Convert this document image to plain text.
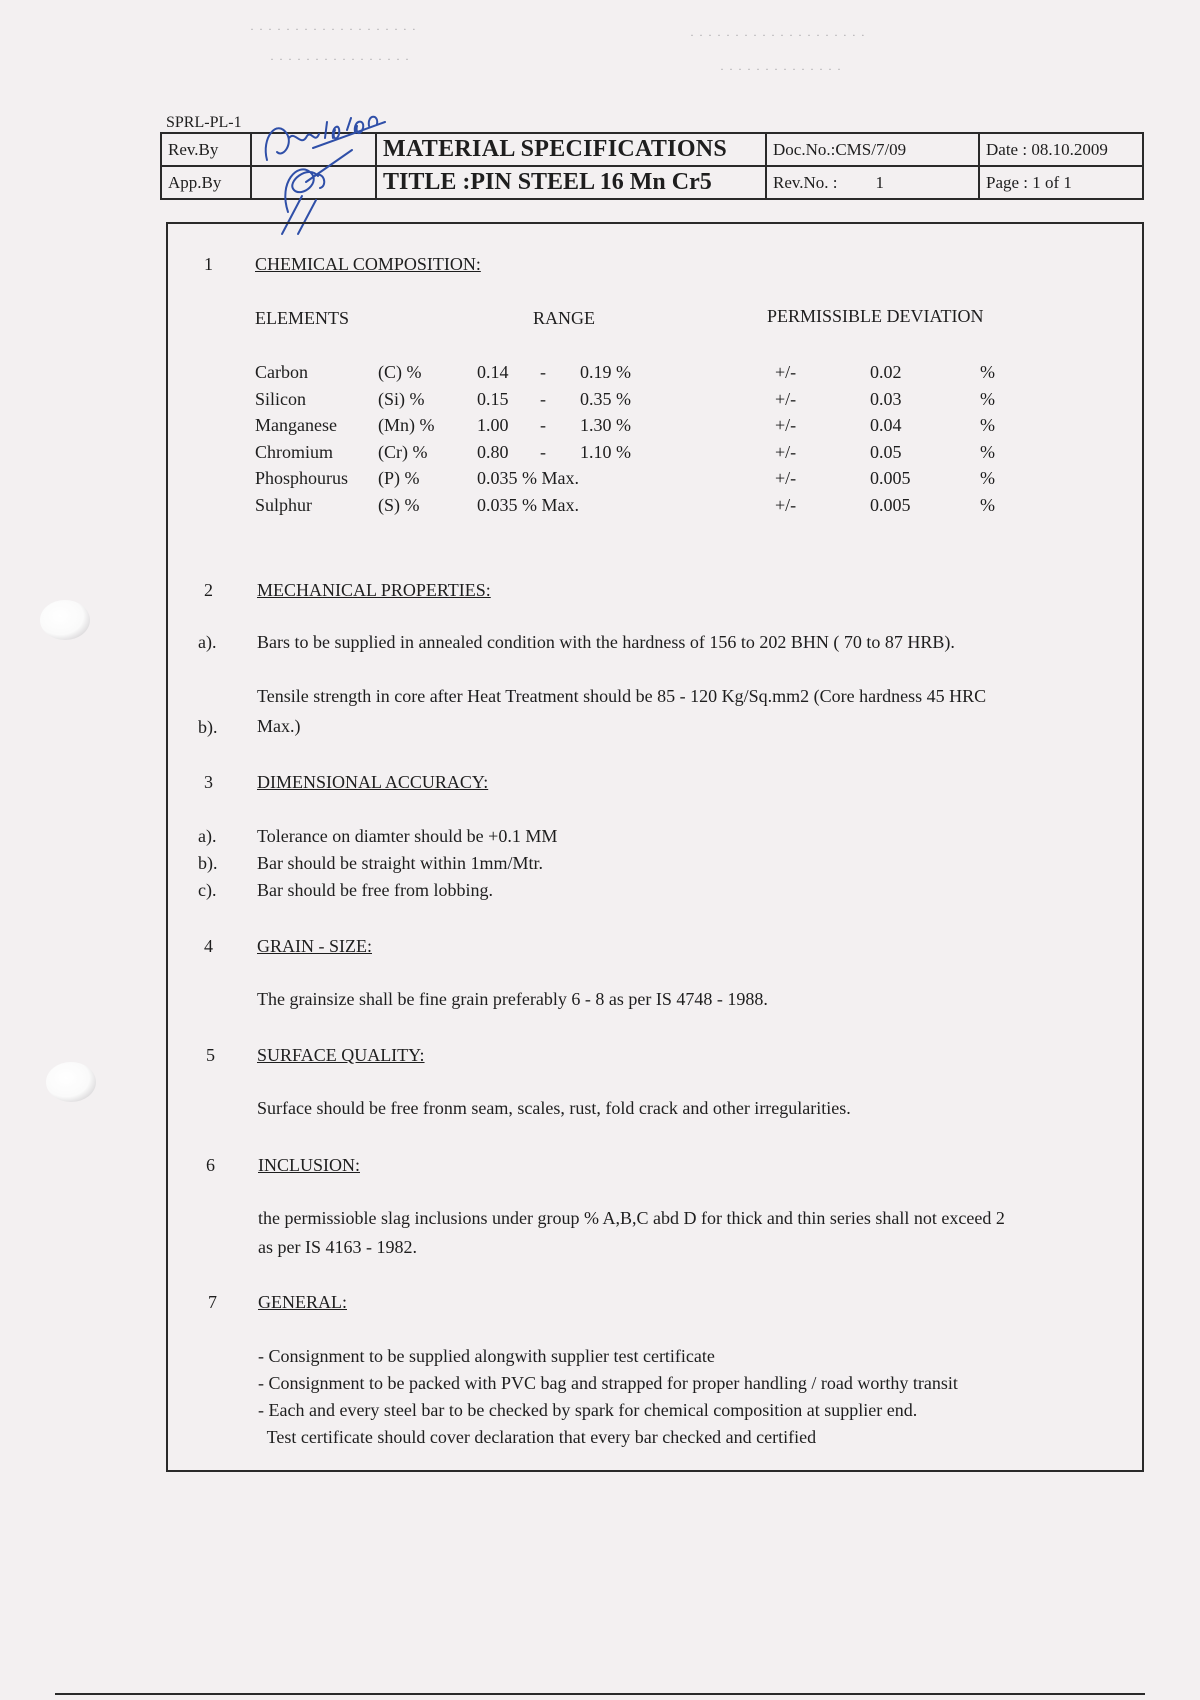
· · · · · · · · · · · · · · · · · · ·
· · · · · · · · · · · · · · · ·
· · · · · · · · · · · · · · · · · · · ·
· · · · · · · · · · · · · ·
SPRL-PL-1
Rev.By		MATERIAL SPECIFICATIONS	Doc.No.:CMS/7/09	Date : 08.10.2009
App.By		TITLE :PIN STEEL 16 Mn Cr5	Rev.No. : 1	Page : 1 of 1
1 CHEMICAL COMPOSITION:
ELEMENTS	RANGE	PERMISSIBLE DEVIATION
Carbon	(C) %	0.14 - 0.19 %	+/-	0.02	%
Silicon	(Si) %	0.15 - 0.35 %	+/-	0.03	%
Manganese (Mn) % 1.00 - 1.30 %	+/-	0.04	%
Chromium (Cr) %	0.80 - 1.10 %	+/-	0.05	%
Phosphourus (P) %	0.035 % Max.	+/-	0.005	%
Sulphur	(S) %	0.035 % Max.	+/-	0.005	%
2 MECHANICAL PROPERTIES:
a). Bars to be supplied in annealed condition with the hardness of 156 to 202 BHN ( 70 to 87 HRB).
Tensile strength in core after Heat Treatment should be 85 - 120 Kg/Sq.mm2 (Core hardness 45 HRC
b). Max.)
3 DIMENSIONAL ACCURACY:
a). Tolerance on diamter should be +0.1 MM
b). Bar should be straight within 1mm/Mtr.
c). Bar should be free from lobbing.
4 GRAIN - SIZE:
The grainsize shall be fine grain preferably 6 - 8 as per IS 4748 - 1988.
5 SURFACE QUALITY:
Surface should be free fronm seam, scales, rust, fold crack and other irregularities.
6 INCLUSION:
the permissioble slag inclusions under group % A,B,C abd D for thick and thin series shall not exceed 2
as per IS 4163 - 1982.
7 GENERAL:
- Consignment to be supplied alongwith supplier test certificate
- Consignment to be packed with PVC bag and strapped for proper handling / road worthy transit
- Each and every steel bar to be checked by spark for chemical composition at supplier end.
Test certificate should cover declaration that every bar checked and certified
